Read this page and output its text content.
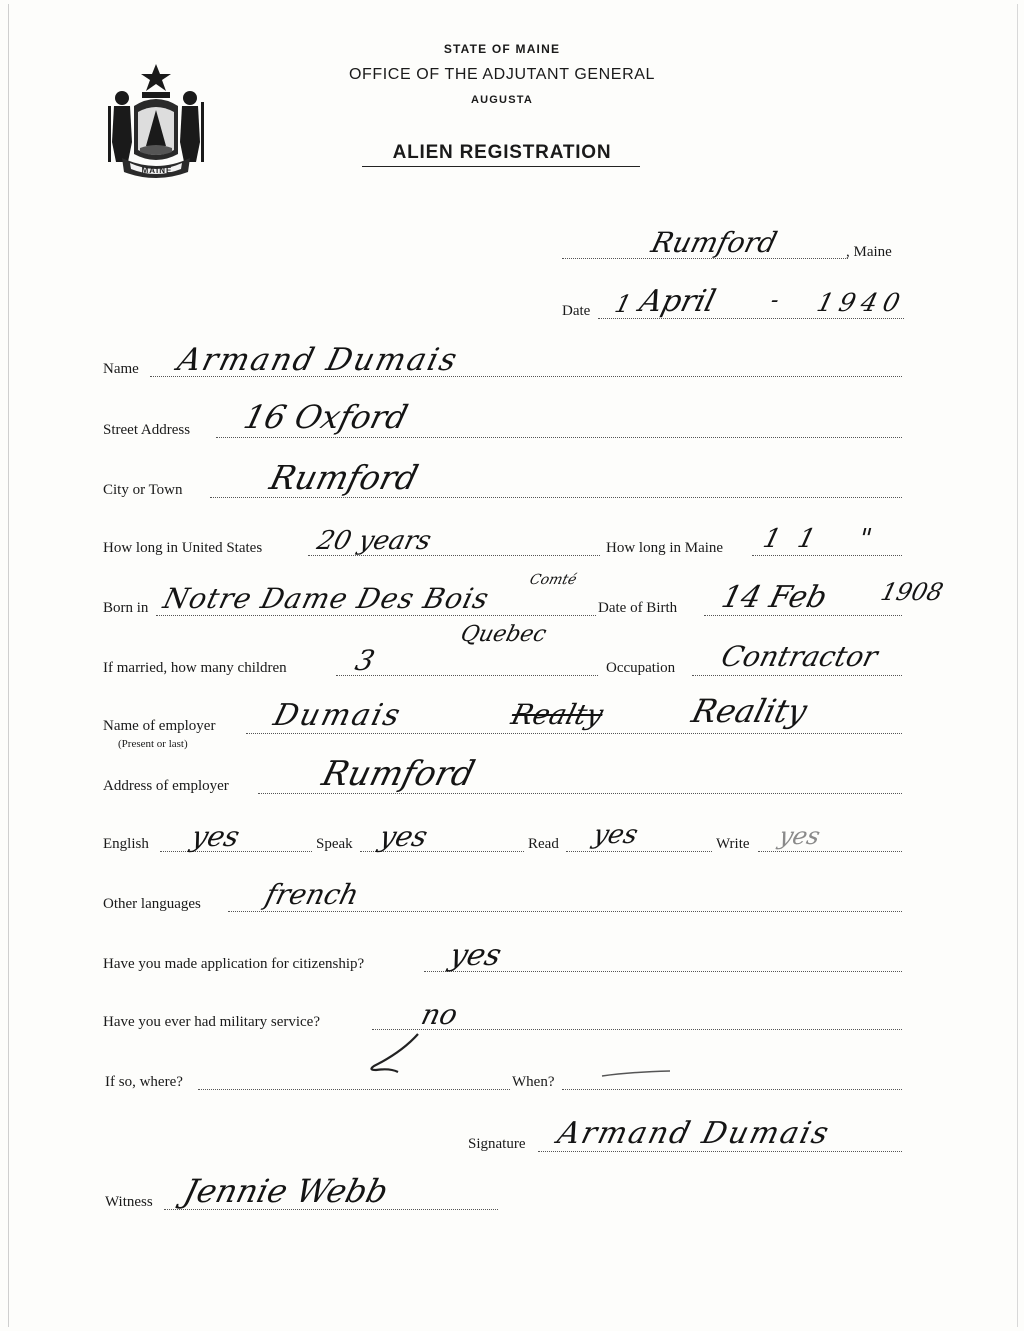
MAINE
STATE OF MAINE
OFFICE OF THE ADJUTANT GENERAL
AUGUSTA
ALIEN REGISTRATION
Rumford	, Maine
Date 1 April - 1940
Name Armand Dumais
Street Address 16 Oxford
City or Town	Rumford
How long in United States 20 years	How long in Maine 11 "
Born in Notre Dame Des Bois
Comté
Quebec
Date of Birth 14 Feb 1908
If married, how many children 3	Occupation Contractor
Name of employer
(Present or last)
Dumais	Realty	Reality
Address of employer	Rumford
English yes	Speak yes	Read yes	Write yes
Other languages french
Have you made application for citizenship?	yes
Have you ever had military service?	no
If so, where?	When?
Signature Armand Dumais
Witness Jennie Webb
